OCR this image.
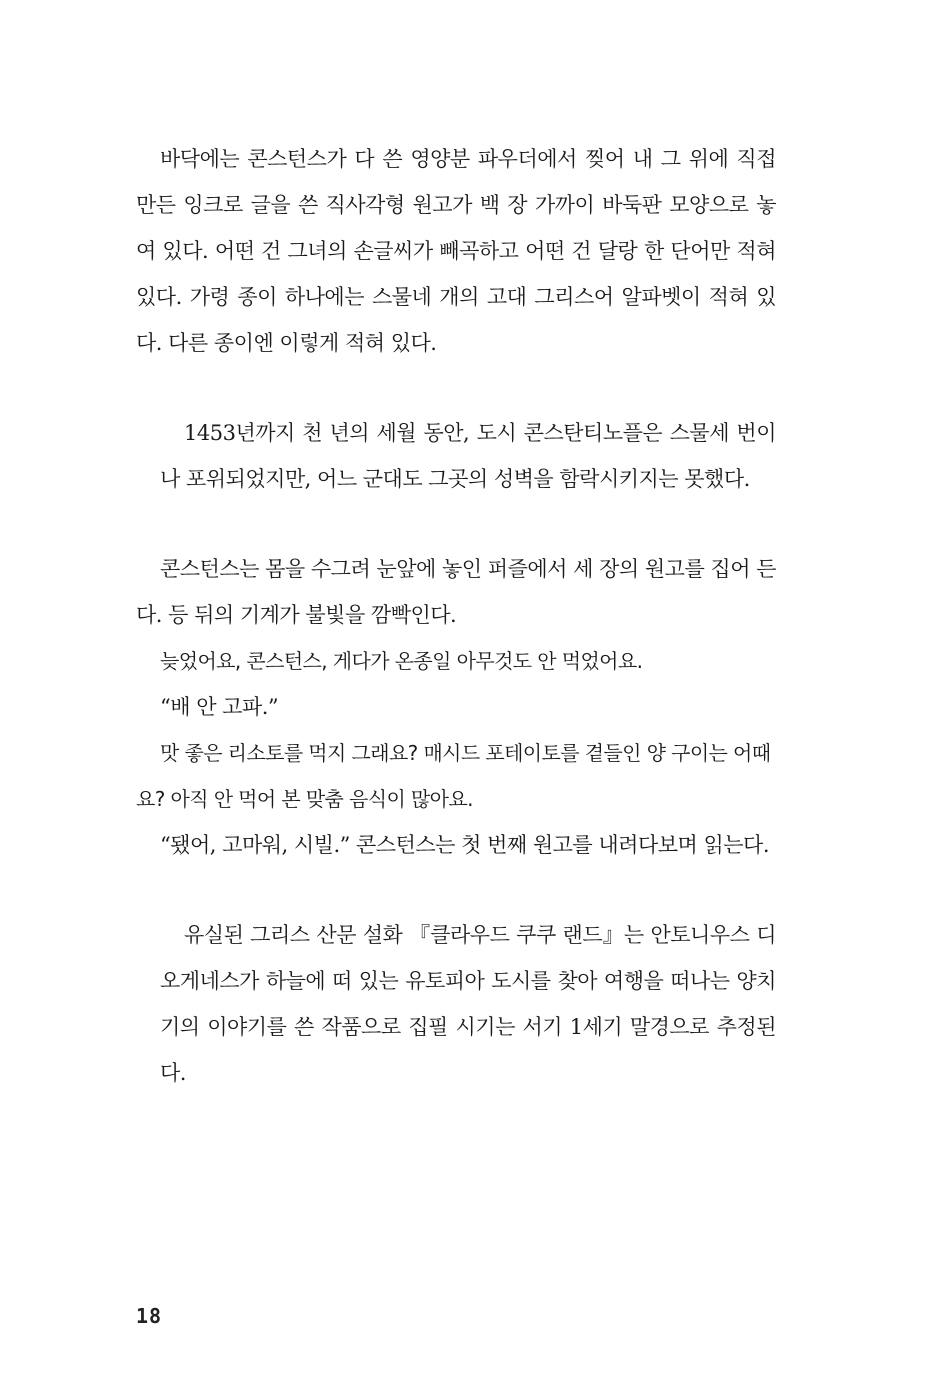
바닥에는 콘스턴스가 다 쓴 영양분 파우더에서 찢어 내 그 위에 직접 만든 잉크로 글을 쓴 직사각형 원고가 백 장 가까이 바둑판 모양으로 놓여 있다. 어떤 건 그녀의 손글씨가 빼곡하고 어떤 건 달랑 한 단어만 적혀 있다. 가령 종이 하나에는 스물네 개의 고대 그리스어 알파벳이 적혀 있다. 다른 종이엔 이렇게 적혀 있다.

1453년까지 천 년의 세월 동안, 도시 콘스탄티노플은 스물세 번이나 포위되었지만, 어느 군대도 그곳의 성벽을 함락시키지는 못했다.

콘스턴스는 몸을 수그려 눈앞에 놓인 퍼즐에서 세 장의 원고를 집어 든다. 등 뒤의 기계가 불빛을 깜빡인다.

늦었어요, 콘스턴스, 게다가 온종일 아무것도 안 먹었어요.

“배 안 고파.”

맛 좋은 리소토를 먹지 그래요? 매시드 포테이토를 곁들인 양 구이는 어때요? 아직 안 먹어 본 맞춤 음식이 많아요.

“됐어, 고마워, 시빌.” 콘스턴스는 첫 번째 원고를 내려다보며 읽는다.

유실된 그리스 산문 설화 『클라우드 쿠쿠 랜드』는 안토니우스 디오게네스가 하늘에 떠 있는 유토피아 도시를 찾아 여행을 떠나는 양치기의 이야기를 쓴 작품으로 집필 시기는 서기 1세기 말경으로 추정된다.

18
